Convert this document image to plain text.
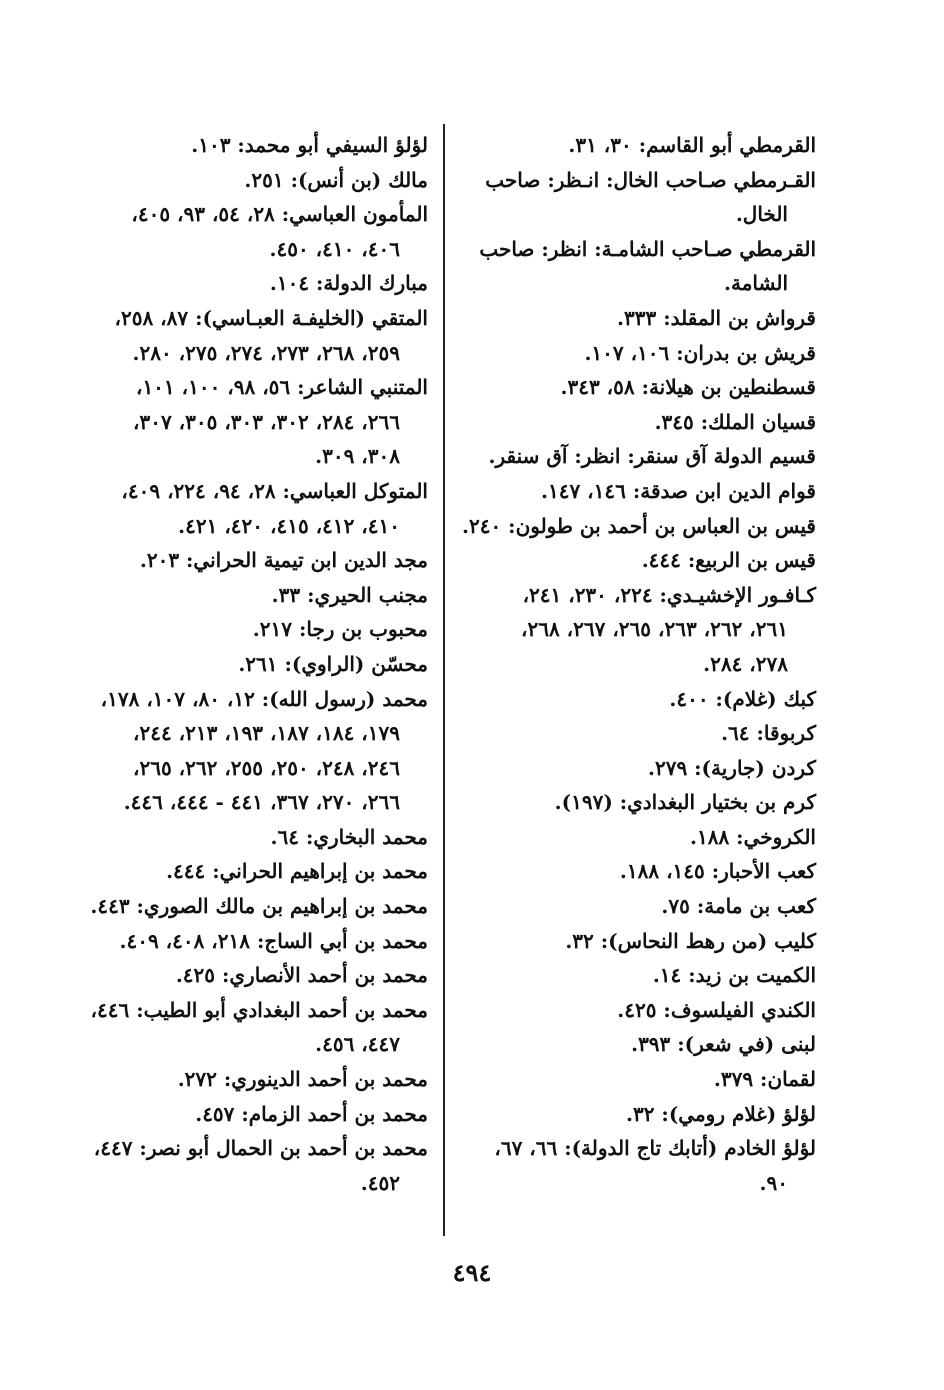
القرمطي أبو القاسم: ٣٠، ٣١.
القـرمطي صـاحب الخال: انـظر: صاحب
الخال.
القرمطي صـاحب الشامـة: انظر: صاحب
الشامة.
قرواش بن المقلد: ٣٣٣.
قريش بن بدران: ١٠٦، ١٠٧.
قسطنطين بن هيلانة: ٥٨، ٣٤٣.
قسيان الملك: ٣٤٥.
قسيم الدولة آق سنقر: انظر: آق سنقر.
قوام الدين ابن صدقة: ١٤٦، ١٤٧.
قيس بن العباس بن أحمد بن طولون: ٢٤٠.
قيس بن الربيع: ٤٤٤.
كـافـور الإخشيـدي: ٢٢٤، ٢٣٠، ٢٤١،
٢٦١، ٢٦٢، ٢٦٣، ٢٦٥، ٢٦٧، ٢٦٨،
٢٧٨، ٢٨٤.
كبك (غلام): ٤٠٠.
كربوقا: ٦٤.
كردن (جارية): ٢٧٩.
كرم بن بختيار البغدادي: (١٩٧).
الكروخي: ١٨٨.
كعب الأحبار: ١٤٥، ١٨٨.
كعب بن مامة: ٧٥.
كليب (من رهط النحاس): ٣٢.
الكميت بن زيد: ١٤.
الكندي الفيلسوف: ٤٢٥.
لبنى (في شعر): ٣٩٣.
لقمان: ٣٧٩.
لؤلؤ (غلام رومي): ٣٢.
لؤلؤ الخادم (أتابك تاج الدولة): ٦٦، ٦٧،
٩٠.
لؤلؤ السيفي أبو محمد: ١٠٣.
مالك (بن أنس): ٢٥١.
المأمون العباسي: ٢٨، ٥٤، ٩٣، ٤٠٥،
٤٠٦، ٤١٠، ٤٥٠.
مبارك الدولة: ١٠٤.
المتقي (الخليفـة العبـاسي): ٨٧، ٢٥٨،
٢٥٩، ٢٦٨، ٢٧٣، ٢٧٤، ٢٧٥، ٢٨٠.
المتنبي الشاعر: ٥٦، ٩٨، ١٠٠، ١٠١،
٢٦٦، ٢٨٤، ٣٠٢، ٣٠٣، ٣٠٥، ٣٠٧،
٣٠٨، ٣٠٩.
المتوكل العباسي: ٢٨، ٩٤، ٢٢٤، ٤٠٩،
٤١٠، ٤١٢، ٤١٥، ٤٢٠، ٤٢١.
مجد الدين ابن تيمية الحراني: ٢٠٣.
مجنب الحيري: ٣٣.
محبوب بن رجا: ٢١٧.
محسّن (الراوي): ٢٦١.
محمد (رسول الله): ١٢، ٨٠، ١٠٧، ١٧٨،
١٧٩، ١٨٤، ١٨٧، ١٩٣، ٢١٣، ٢٤٤،
٢٤٦، ٢٤٨، ٢٥٠، ٢٥٥، ٢٦٢، ٢٦٥،
٢٦٦، ٢٧٠، ٣٦٧، ٤٤١ - ٤٤٤، ٤٤٦.
محمد البخاري: ٦٤.
محمد بن إبراهيم الحراني: ٤٤٤.
محمد بن إبراهيم بن مالك الصوري: ٤٤٣.
محمد بن أبي الساج: ٢١٨، ٤٠٨، ٤٠٩.
محمد بن أحمد الأنصاري: ٤٢٥.
محمد بن أحمد البغدادي أبو الطيب: ٤٤٦،
٤٤٧، ٤٥٦.
محمد بن أحمد الدينوري: ٢٧٢.
محمد بن أحمد الزمام: ٤٥٧.
محمد بن أحمد بن الحمال أبو نصر: ٤٤٧،
٤٥٢.
٤٩٤
